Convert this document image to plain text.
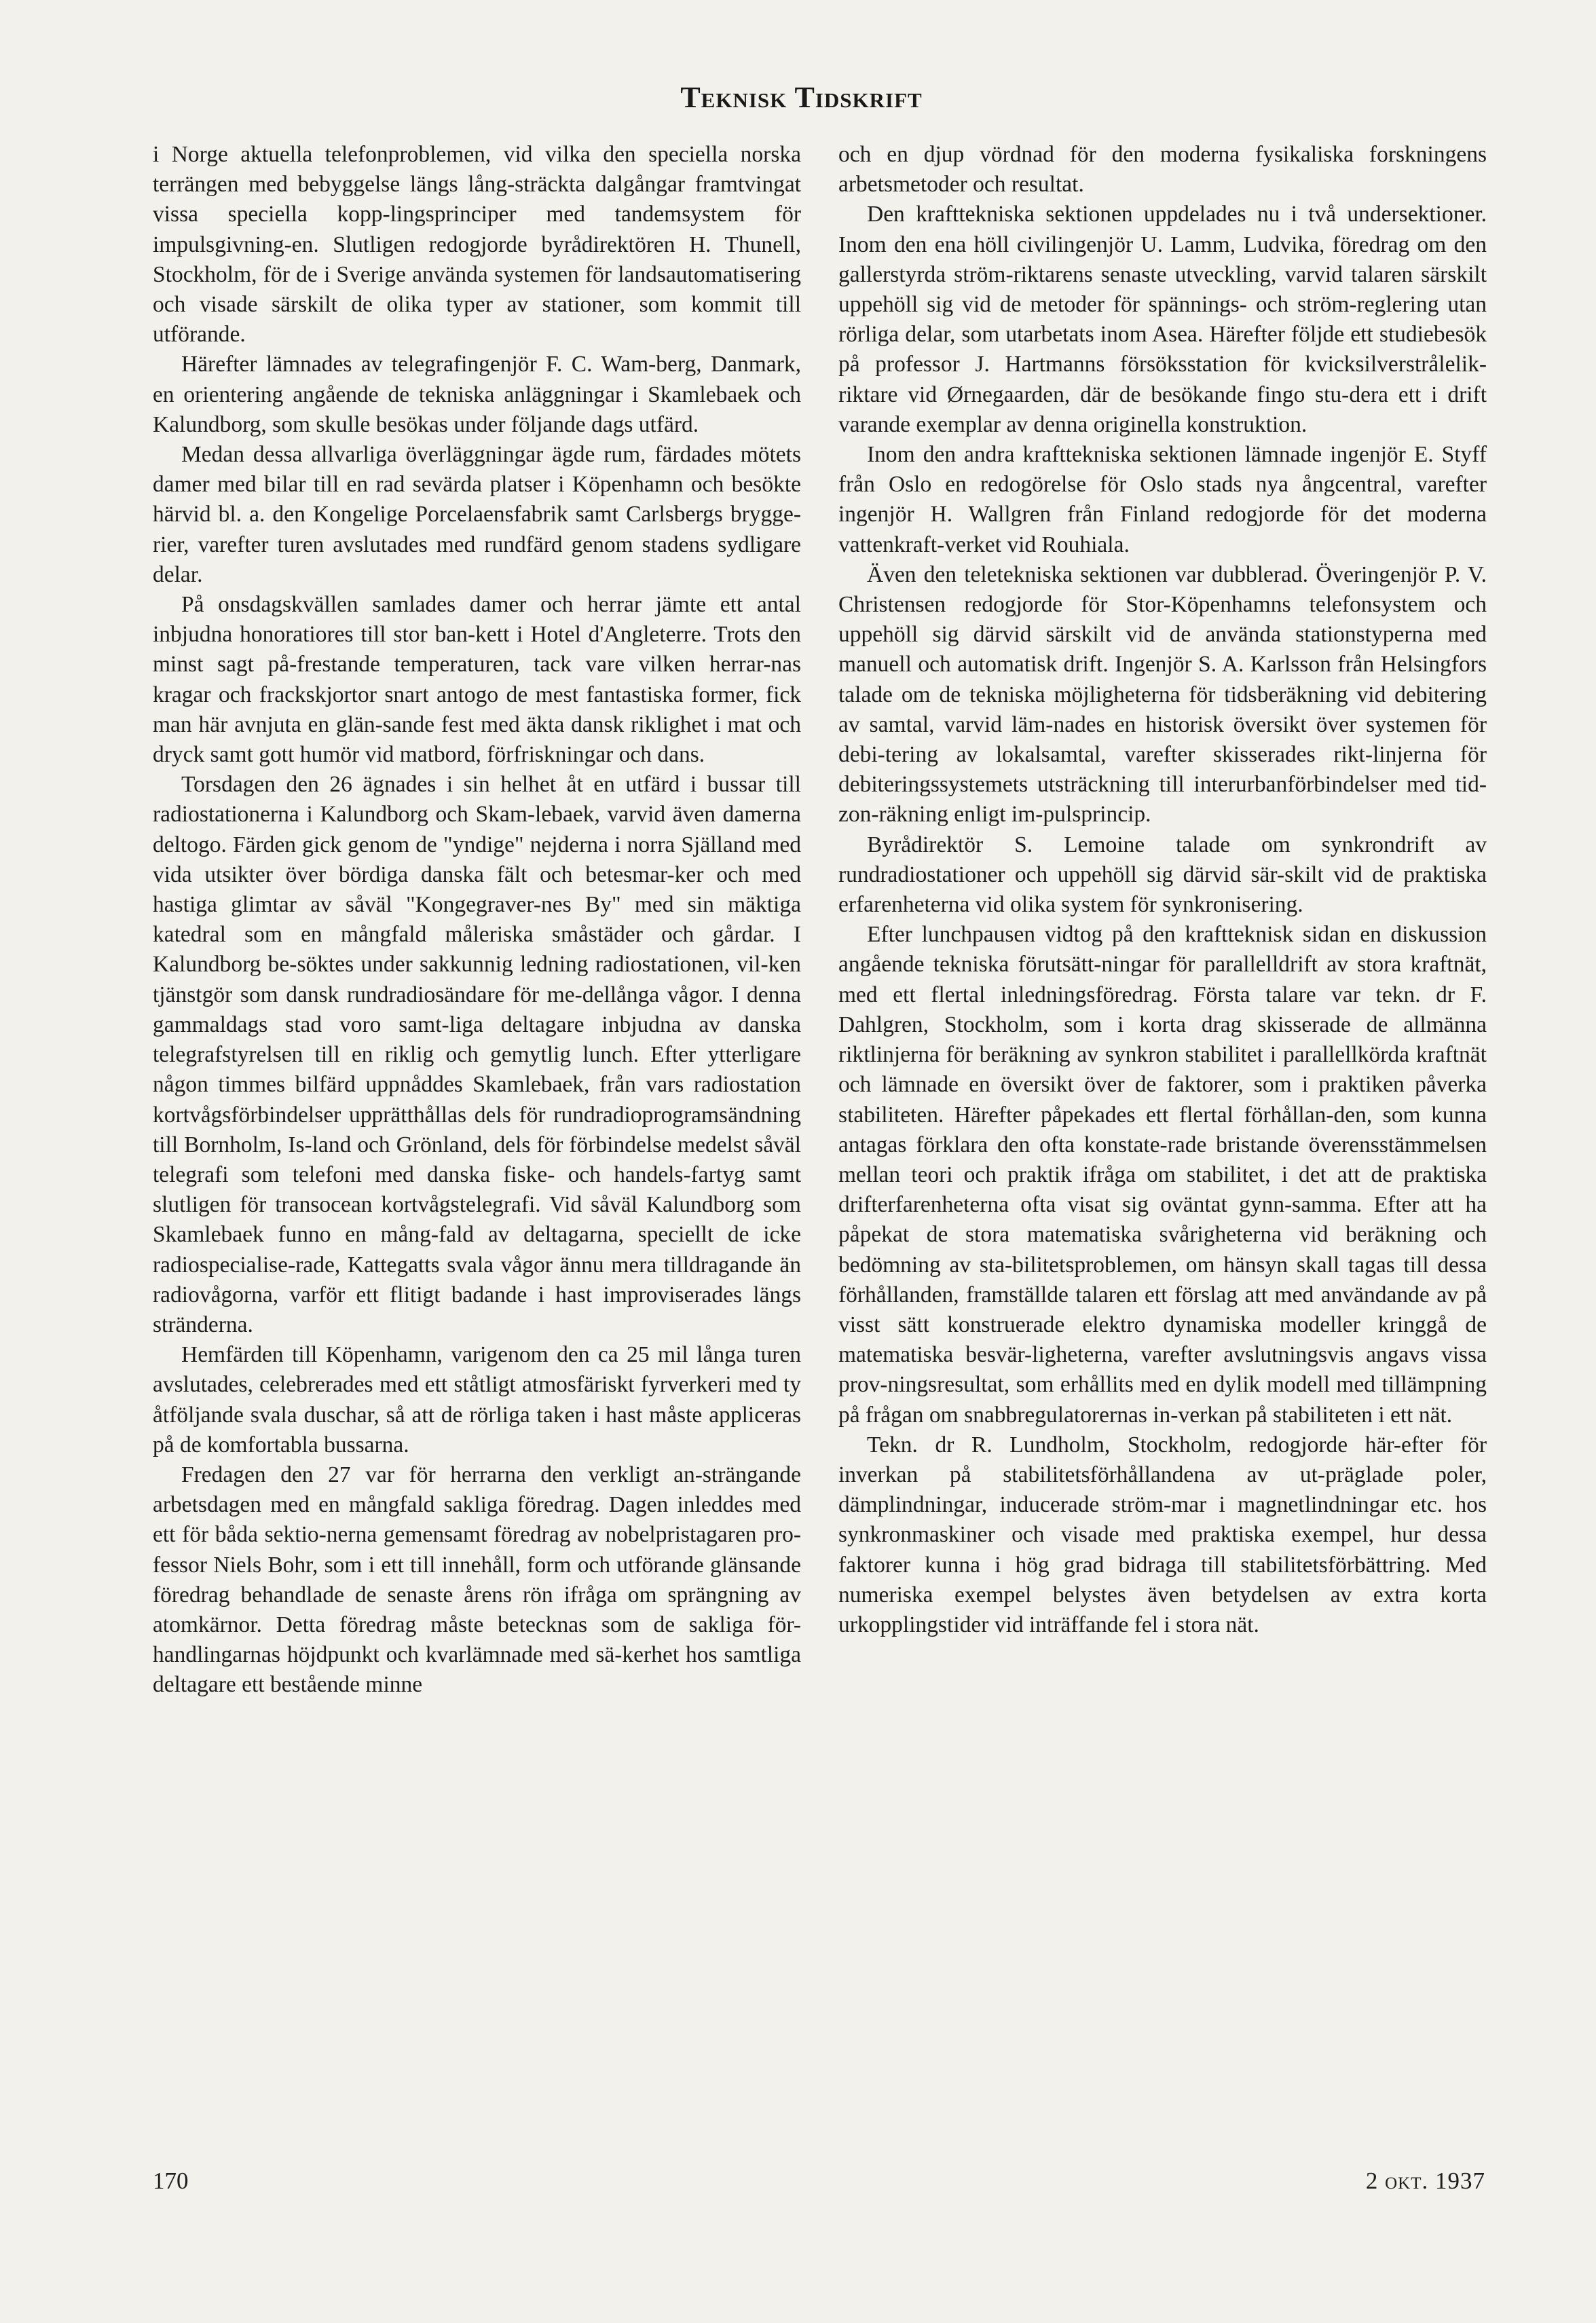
Teknisk Tidskrift

i Norge aktuella telefonproblemen, vid vilka den speciella norska terrängen med bebyggelse längs lång-sträckta dalgångar framtvingat vissa speciella kopp-lingsprinciper med tandemsystem för impulsgivning-en. Slutligen redogjorde byrådirektören H. Thunell, Stockholm, för de i Sverige använda systemen för landsautomatisering och visade särskilt de olika typer av stationer, som kommit till utförande.

Härefter lämnades av telegrafingenjör F. C. Wam-berg, Danmark, en orientering angående de tekniska anläggningar i Skamlebaek och Kalundborg, som skulle besökas under följande dags utfärd.

Medan dessa allvarliga överläggningar ägde rum, färdades mötets damer med bilar till en rad sevärda platser i Köpenhamn och besökte härvid bl. a. den Kongelige Porcelaensfabrik samt Carlsbergs brygge-rier, varefter turen avslutades med rundfärd genom stadens sydligare delar.

På onsdagskvällen samlades damer och herrar jämte ett antal inbjudna honoratiores till stor ban-kett i Hotel d'Angleterre. Trots den minst sagt på-frestande temperaturen, tack vare vilken herrar-nas kragar och frackskjortor snart antogo de mest fantastiska former, fick man här avnjuta en glän-sande fest med äkta dansk riklighet i mat och dryck samt gott humör vid matbord, förfriskningar och dans.

Torsdagen den 26 ägnades i sin helhet åt en utfärd i bussar till radiostationerna i Kalundborg och Skam-lebaek, varvid även damerna deltogo. Färden gick genom de "yndige" nejderna i norra Själland med vida utsikter över bördiga danska fält och betesmar-ker och med hastiga glimtar av såväl "Kongegraver-nes By" med sin mäktiga katedral som en mångfald måleriska småstäder och gårdar. I Kalundborg be-söktes under sakkunnig ledning radiostationen, vil-ken tjänstgör som dansk rundradiosändare för me-dellånga vågor. I denna gammaldags stad voro samt-liga deltagare inbjudna av danska telegrafstyrelsen till en riklig och gemytlig lunch. Efter ytterligare någon timmes bilfärd uppnåddes Skamlebaek, från vars radiostation kortvågsförbindelser upprätthållas dels för rundradioprogramsändning till Bornholm, Is-land och Grönland, dels för förbindelse medelst såväl telegrafi som telefoni med danska fiske- och handels-fartyg samt slutligen för transocean kortvågstelegrafi. Vid såväl Kalundborg som Skamlebaek funno en mång-fald av deltagarna, speciellt de icke radiospecialise-rade, Kattegatts svala vågor ännu mera tilldragande än radiovågorna, varför ett flitigt badande i hast improviserades längs stränderna.

Hemfärden till Köpenhamn, varigenom den ca 25 mil långa turen avslutades, celebrerades med ett ståtligt atmosfäriskt fyrverkeri med ty åtföljande svala duschar, så att de rörliga taken i hast måste appliceras på de komfortabla bussarna.

Fredagen den 27 var för herrarna den verkligt an-strängande arbetsdagen med en mångfald sakliga föredrag. Dagen inleddes med ett för båda sektio-nerna gemensamt föredrag av nobelpristagaren pro-fessor Niels Bohr, som i ett till innehåll, form och utförande glänsande föredrag behandlade de senaste årens rön ifråga om sprängning av atomkärnor. Detta föredrag måste betecknas som de sakliga för-handlingarnas höjdpunkt och kvarlämnade med sä-kerhet hos samtliga deltagare ett bestående minne

och en djup vördnad för den moderna fysikaliska forskningens arbetsmetoder och resultat.

Den krafttekniska sektionen uppdelades nu i två undersektioner. Inom den ena höll civilingenjör U. Lamm, Ludvika, föredrag om den gallerstyrda ström-riktarens senaste utveckling, varvid talaren särskilt uppehöll sig vid de metoder för spännings- och ström-reglering utan rörliga delar, som utarbetats inom Asea. Härefter följde ett studiebesök på professor J. Hartmanns försöksstation för kvicksilverstrålelik-riktare vid Ørnegaarden, där de besökande fingo stu-dera ett i drift varande exemplar av denna originella konstruktion.

Inom den andra krafttekniska sektionen lämnade ingenjör E. Styff från Oslo en redogörelse för Oslo stads nya ångcentral, varefter ingenjör H. Wallgren från Finland redogjorde för det moderna vattenkraft-verket vid Rouhiala.

Även den teletekniska sektionen var dubblerad. Överingenjör P. V. Christensen redogjorde för Stor-Köpenhamns telefonsystem och uppehöll sig därvid särskilt vid de använda stationstyperna med manuell och automatisk drift. Ingenjör S. A. Karlsson från Helsingfors talade om de tekniska möjligheterna för tidsberäkning vid debitering av samtal, varvid läm-nades en historisk översikt över systemen för debi-tering av lokalsamtal, varefter skisserades rikt-linjerna för debiteringssystemets utsträckning till interurbanförbindelser med tid-zon-räkning enligt im-pulsprincip.

Byrådirektör S. Lemoine talade om synkrondrift av rundradiostationer och uppehöll sig därvid sär-skilt vid de praktiska erfarenheterna vid olika system för synkronisering.

Efter lunchpausen vidtog på den kraftteknisk sidan en diskussion angående tekniska förutsätt-ningar för parallelldrift av stora kraftnät, med ett flertal inledningsföredrag. Första talare var tekn. dr F. Dahlgren, Stockholm, som i korta drag skisserade de allmänna riktlinjerna för beräkning av synkron stabilitet i parallellkörda kraftnät och lämnade en översikt över de faktorer, som i praktiken påverka stabiliteten. Härefter påpekades ett flertal förhållan-den, som kunna antagas förklara den ofta konstate-rade bristande överensstämmelsen mellan teori och praktik ifråga om stabilitet, i det att de praktiska drifterfarenheterna ofta visat sig oväntat gynn-samma. Efter att ha påpekat de stora matematiska svårigheterna vid beräkning och bedömning av sta-bilitetsproblemen, om hänsyn skall tagas till dessa förhållanden, framställde talaren ett förslag att med användande av på visst sätt konstruerade elektro dynamiska modeller kringgå de matematiska besvär-ligheterna, varefter avslutningsvis angavs vissa prov-ningsresultat, som erhållits med en dylik modell med tillämpning på frågan om snabbregulatorernas in-verkan på stabiliteten i ett nät.

Tekn. dr R. Lundholm, Stockholm, redogjorde här-efter för inverkan på stabilitetsförhållandena av ut-präglade poler, dämplindningar, inducerade ström-mar i magnetlindningar etc. hos synkronmaskiner och visade med praktiska exempel, hur dessa faktorer kunna i hög grad bidraga till stabilitetsförbättring. Med numeriska exempel belystes även betydelsen av extra korta urkopplingstider vid inträffande fel i stora nät.

170	2 okt. 1937
